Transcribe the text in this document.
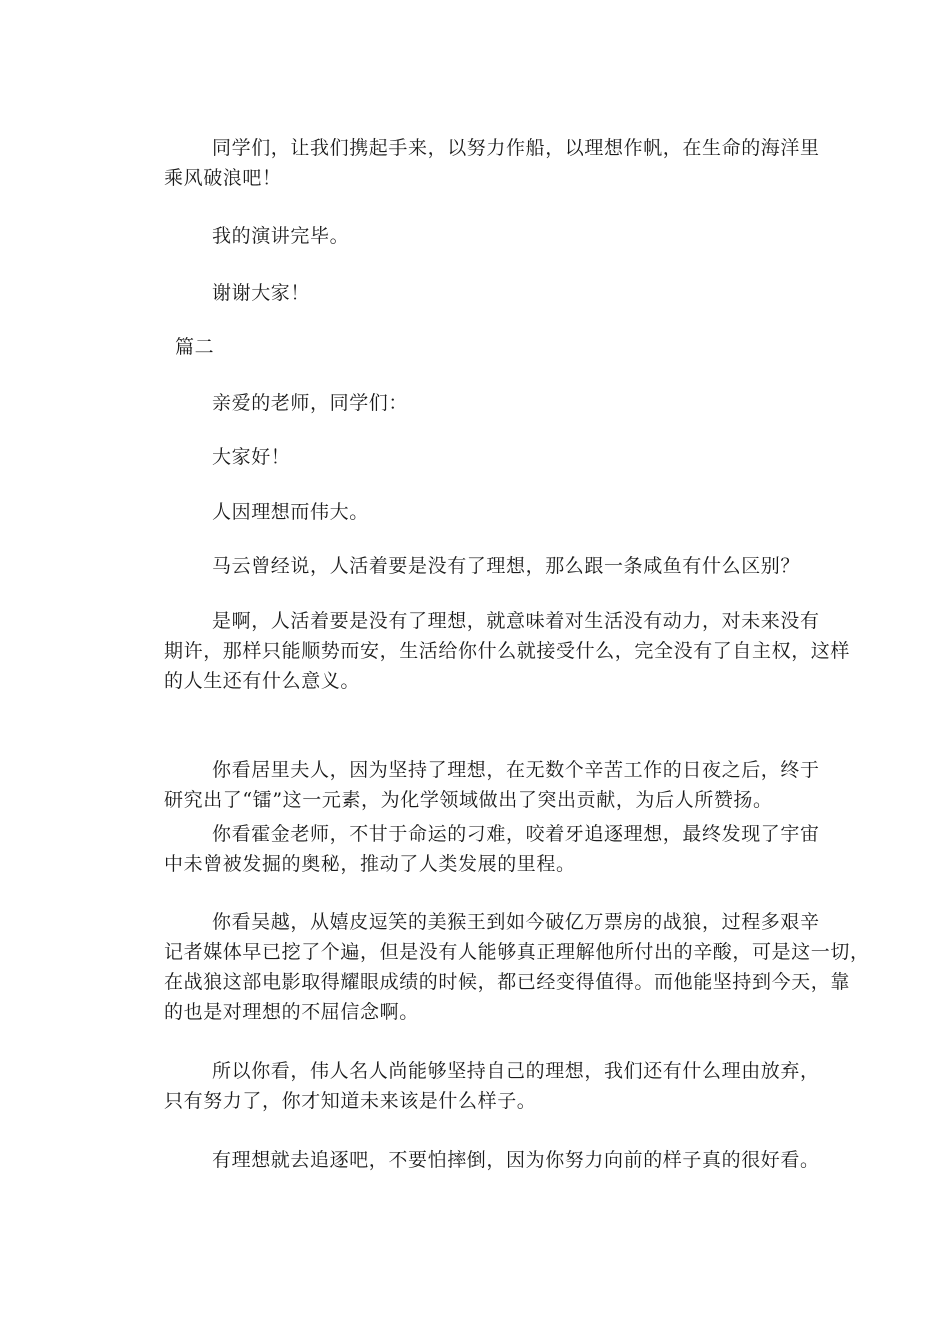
同学们，让我们携起手来，以努力作船，以理想作帆，在生命的海洋里
乘风破浪吧！
我的演讲完毕。
谢谢大家！
篇二
亲爱的老师，同学们：
大家好！
人因理想而伟大。
马云曾经说，人活着要是没有了理想，那么跟一条咸鱼有什么区别？
是啊，人活着要是没有了理想，就意味着对生活没有动力，对未来没有
期许，那样只能顺势而安，生活给你什么就接受什么，完全没有了自主权，这样
的人生还有什么意义。
你看居里夫人，因为坚持了理想，在无数个辛苦工作的日夜之后，终于
研究出了“镭”这一元素，为化学领域做出了突出贡献，为后人所赞扬。
你看霍金老师，不甘于命运的刁难，咬着牙追逐理想，最终发现了宇宙
中未曾被发掘的奥秘，推动了人类发展的里程。
你看吴越，从嬉皮逗笑的美猴王到如今破亿万票房的战狼，过程多艰辛
记者媒体早已挖了个遍，但是没有人能够真正理解他所付出的辛酸，可是这一切，
在战狼这部电影取得耀眼成绩的时候，都已经变得值得。而他能坚持到今天，靠
的也是对理想的不屈信念啊。
所以你看，伟人名人尚能够坚持自己的理想，我们还有什么理由放弃，
只有努力了，你才知道未来该是什么样子。
有理想就去追逐吧，不要怕摔倒，因为你努力向前的样子真的很好看。
